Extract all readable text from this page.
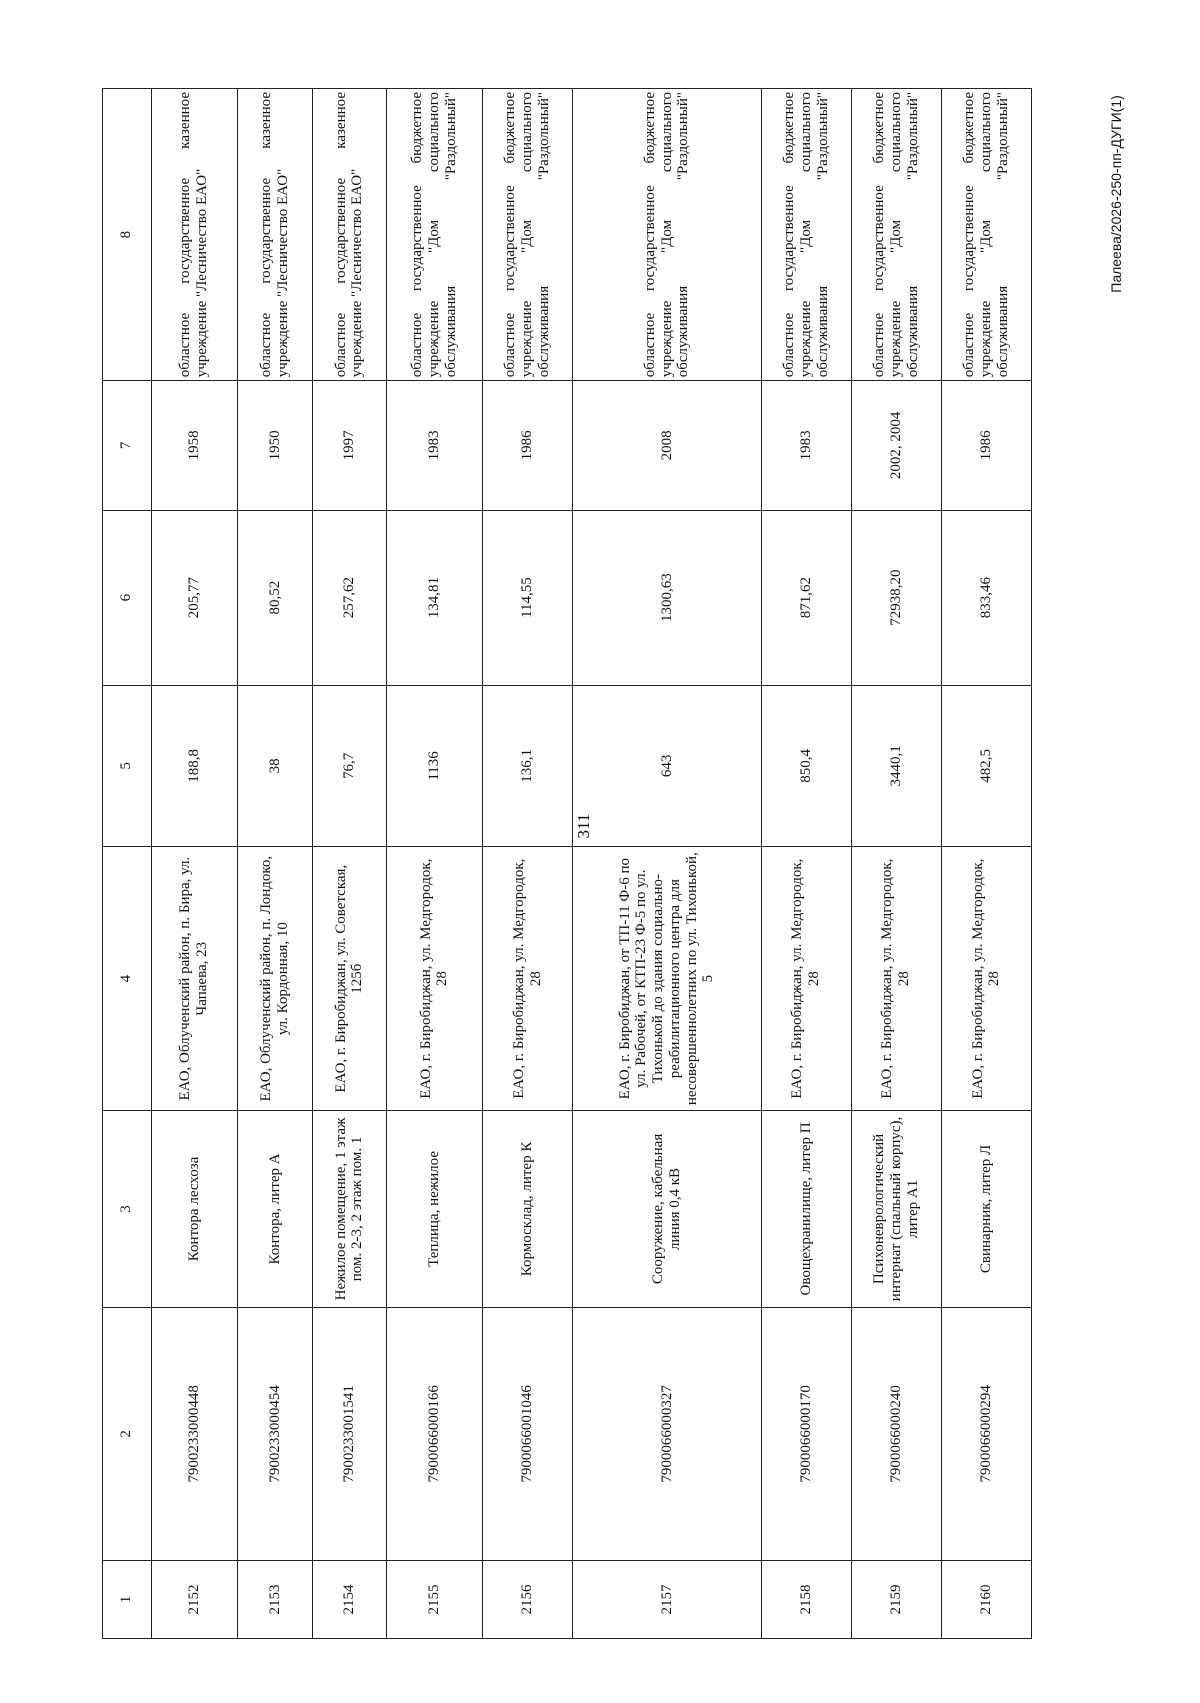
311
1	2	3	4	5	6	7	8
2152	7900233000448	Контора лесхоза	ЕАО, Облученский район, п. Бира, ул. Чапаева, 23	188,8	205,77	1958	областное государственное казенное учреждение "Лесничество ЕАО"
2153	7900233000454	Контора, литер А	ЕАО, Облученский район, п. Лондоко, ул. Кордонная, 10	38	80,52	1950	областное государственное казенное учреждение "Лесничество ЕАО"
2154	7900233001541	Нежилое помещение, 1 этаж пом. 2-3, 2 этаж пом. 1	ЕАО, г. Биробиджан, ул. Советская, 125б	76,7	257,62	1997	областное государственное казенное учреждение "Лесничество ЕАО"
2155	7900066000166	Теплица, нежилое	ЕАО, г. Биробиджан, ул. Медгородок, 28	1136	134,81	1983	областное государственное бюджетное учреждение "Дом социального обслуживания "Раздольный"
2156	7900066001046	Кормосклад, литер К	ЕАО, г. Биробиджан, ул. Медгородок, 28	136,1	114,55	1986	областное государственное бюджетное учреждение "Дом социального обслуживания "Раздольный"
2157	7900066000327	Сооружение, кабельная линия 0,4 кВ	ЕАО, г. Биробиджан, от ТП-11 Ф-6 по ул. Рабочей, от КТП-23 Ф-5 по ул. Тихонькой до здания социально-реабилитационного центра для несовершеннолетних по ул. Тихонькой, 5	643	1300,63	2008	областное государственное бюджетное учреждение "Дом социального обслуживания "Раздольный"
2158	7900066000170	Овощехранилище, литер П	ЕАО, г. Биробиджан, ул. Медгородок, 28	850,4	871,62	1983	областное государственное бюджетное учреждение "Дом социального обслуживания "Раздольный"
2159	7900066000240	Психоневрологический интернат (спальный корпус), литер А1	ЕАО, г. Биробиджан, ул. Медгородок, 28	3440,1	72938,20	2002, 2004	областное государственное бюджетное учреждение "Дом социального обслуживания "Раздольный"
2160	7900066000294	Свинарник, литер Л	ЕАО, г. Биробиджан, ул. Медгородок, 28	482,5	833,46	1986	областное государственное бюджетное учреждение "Дом социального обслуживания "Раздольный"	Палеева/2026-250-пп-ДУГИ(1)
